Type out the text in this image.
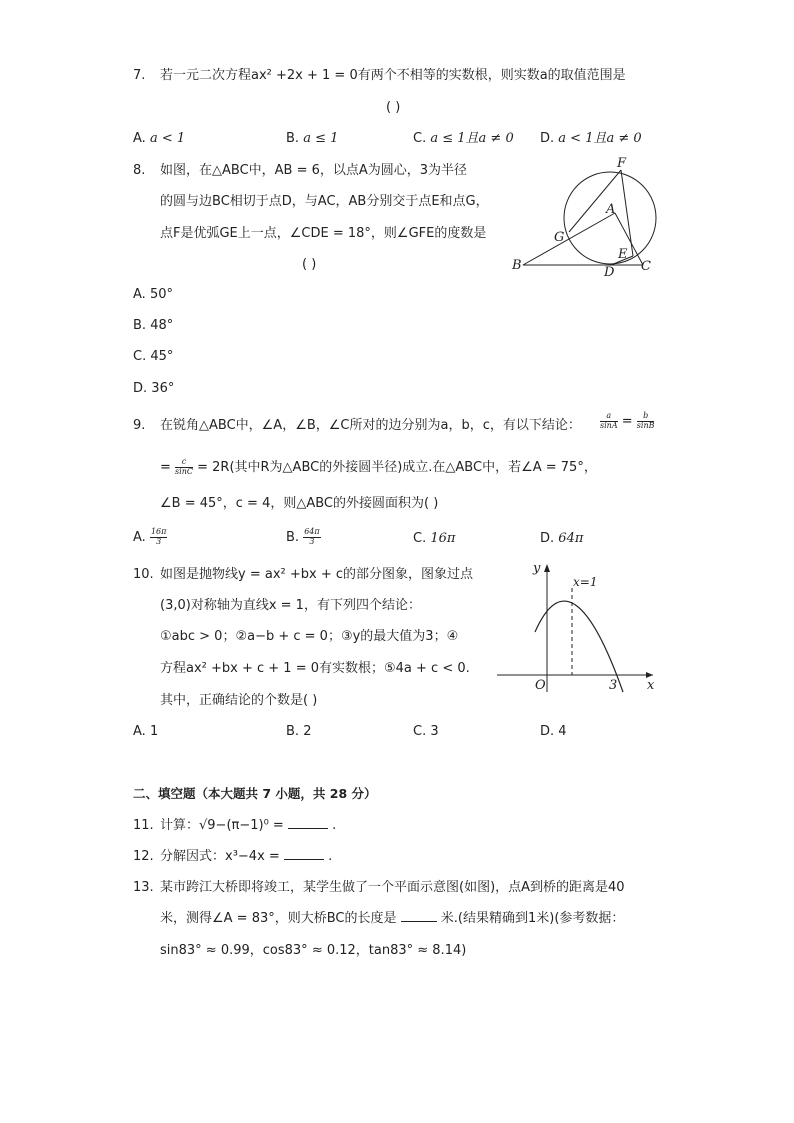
7. 若一元二次方程ax² +2x + 1 = 0有两个不相等的实数根，则实数a的取值范围是
( )
A. a < 1	B. a ≤ 1	C. a ≤ 1且a ≠ 0 D. a < 1且a ≠ 0
8. 如图，在△ABC中，AB = 6，以点A为圆心，3为半径
的圆与边BC相切于点D，与AC，AB分别交于点E和点G，
点F是优弧GE上一点，∠CDE = 18°，则∠GFE的度数是
( )
F
A
G
E
B	D C
A. 50°
B. 48°
C. 45°
D. 36°
9. 在锐角△ABC中，∠A，∠B，∠C所对的边分别为a，b，c，有以下结论： $\frac{a}{\sin A} = \frac{b}{\sin B}$
= $\frac{c}{\sin C} = 2R$(其中R为△ABC的外接圆半径)成立.在△ABC中，若∠A = 75°，
∠B = 45°，c = 4，则△ABC的外接圆面积为( )
A. $\frac{16\pi}{3}$	B. $\frac{64\pi}{3}$	C. 16π	D. 64π
10. 如图是抛物线y = ax² +bx + c的部分图象，图象过点
(3,0)对称轴为直线x = 1，有下列四个结论：
①abc > 0；②a−b + c = 0；③y的最大值为3；④
方程ax² +bx + c + 1 = 0有实数根；⑤4a + c < 0.
其中，正确结论的个数是( )
y
x
O	3
x=1
A. 1	B. 2	C. 3	D. 4
二、填空题（本大题共 7 小题，共 28 分）
11. 计算：√9−(π−1)⁰ =	.
12. 分解因式：x³−4x =	.
13. 某市跨江大桥即将竣工，某学生做了一个平面示意图(如图)，点A到桥的距离是40
米，测得∠A = 83°，则大桥BC的长度是	米.(结果精确到1米)(参考数据：
sin83° ≈ 0.99，cos83° ≈ 0.12，tan83° ≈ 8.14)
